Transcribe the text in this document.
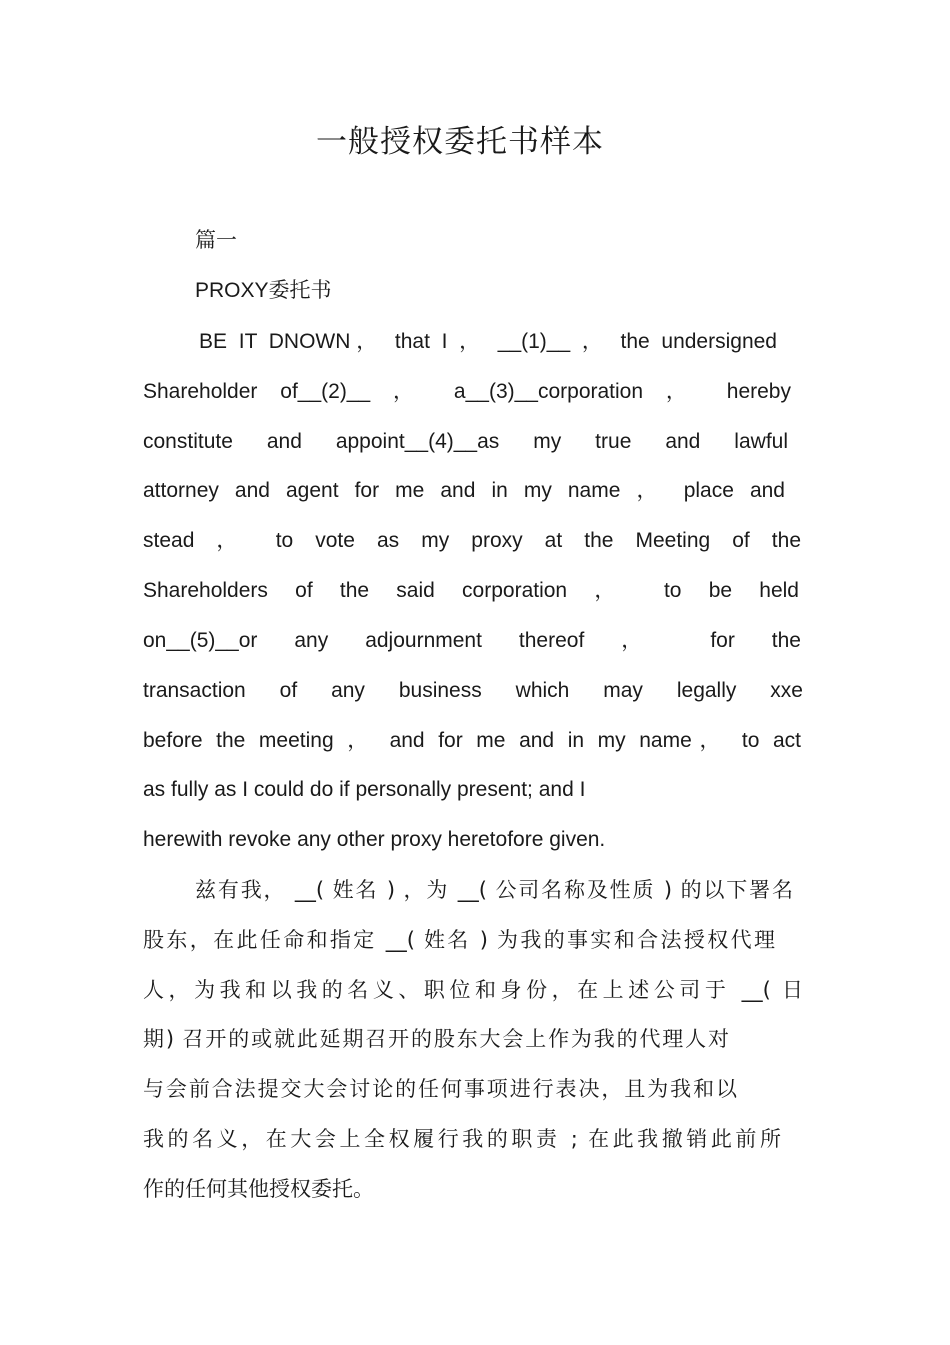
一般授权委托书样本
篇一
PROXY委托书
BE IT DNOWN， that I ， __(1)__ ， the undersigned
Shareholder of__(2)__ ， a__(3)__corporation ， hereby
constitute and appoint__(4)__as my true and lawful
attorney and agent for me and in my name ， place and
stead ， to vote as my proxy at the Meeting of the
Shareholders of the said corporation ， to be held
on__(5)__or any adjournment thereof ， for the
transaction of any business which may legally xxe
before the meeting ， and for me and in my name， to act
as fully as I could do if personally present; and I
herewith revoke any other proxy heretofore given.
兹有我， __( 姓名 ) ，为 __( 公司名称及性质 ) 的以下署名
股东，在此任命和指定 __( 姓名 ) 为我的事实和合法授权代理
人，为我和以我的名义、职位和身份，在上述公司于 __( 日
期) 召开的或就此延期召开的股东大会上作为我的代理人对
与会前合法提交大会讨论的任何事项进行表决，且为我和以
我的名义，在大会上全权履行我的职责 ; 在此我撤销此前所
作的任何其他授权委托。
